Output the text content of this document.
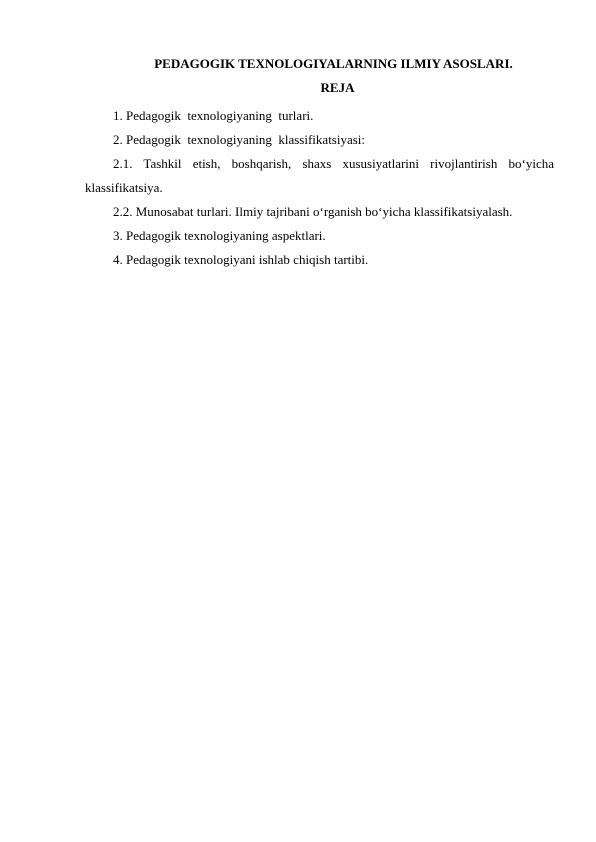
PEDAGOGIK TEXNOLOGIYALARNING ILMIY ASOSLARI.
REJA

1. Pedagogik  texnologiyaning  turlari.

2. Pedagogik  texnologiyaning  klassifikatsiyasi:

2.1. Tashkil etish, boshqarish, shaxs xususiyatlarini rivojlantirish bo‘yicha klassifikatsiya.

2.2. Munosabat turlari. Ilmiy tajribani o‘rganish bo‘yicha klassifikatsiyalash.

3. Pedagogik texnologiyaning aspektlari.

4. Pedagogik texnologiyani ishlab chiqish tartibi.
